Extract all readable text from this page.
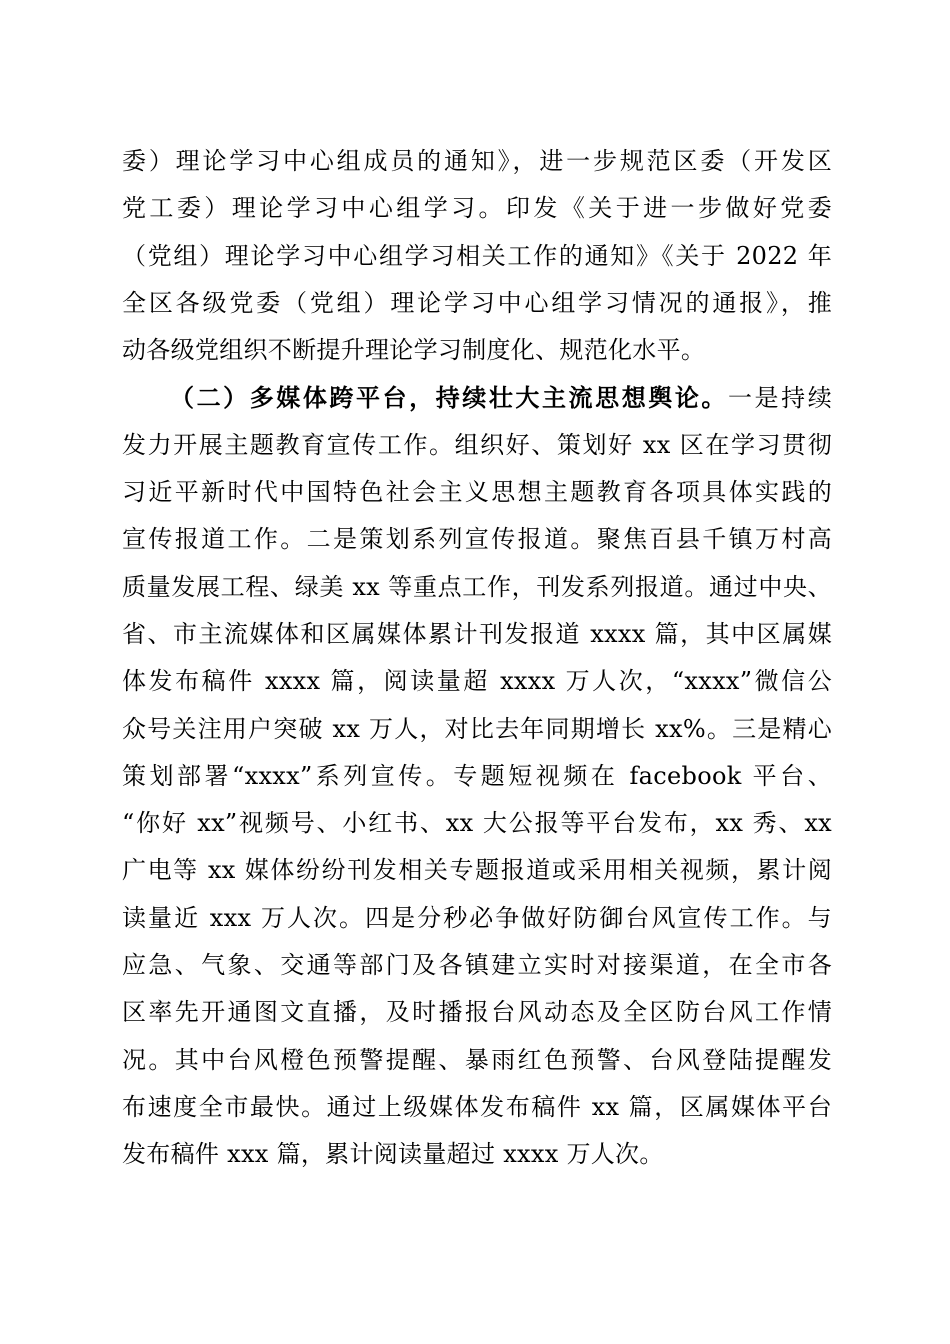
委）理论学习中心组成员的通知》，进一步规范区委（开发区
党工委）理论学习中心组学习。印发《关于进一步做好党委
（党组）理论学习中心组学习相关工作的通知》《关于 2022 年
全区各级党委（党组）理论学习中心组学习情况的通报》，推
动各级党组织不断提升理论学习制度化、规范化水平。
（二）多媒体跨平台，持续壮大主流思想舆论。一是持续
发力开展主题教育宣传工作。组织好、策划好 xx 区在学习贯彻
习近平新时代中国特色社会主义思想主题教育各项具体实践的
宣传报道工作。二是策划系列宣传报道。聚焦百县千镇万村高
质量发展工程、绿美 xx 等重点工作，刊发系列报道。通过中央、
省、市主流媒体和区属媒体累计刊发报道 xxxx 篇，其中区属媒
体发布稿件 xxxx 篇，阅读量超 xxxx 万人次，“xxxx”微信公
众号关注用户突破 xx 万人，对比去年同期增长 xx%。三是精心
策划部署“xxxx”系列宣传。专题短视频在 facebook 平台、
“你好 xx”视频号、小红书、xx 大公报等平台发布，xx 秀、xx
广电等 xx 媒体纷纷刊发相关专题报道或采用相关视频，累计阅
读量近 xxx 万人次。四是分秒必争做好防御台风宣传工作。与
应急、气象、交通等部门及各镇建立实时对接渠道，在全市各
区率先开通图文直播，及时播报台风动态及全区防台风工作情
况。其中台风橙色预警提醒、暴雨红色预警、台风登陆提醒发
布速度全市最快。通过上级媒体发布稿件 xx 篇，区属媒体平台
发布稿件 xxx 篇，累计阅读量超过 xxxx 万人次。
